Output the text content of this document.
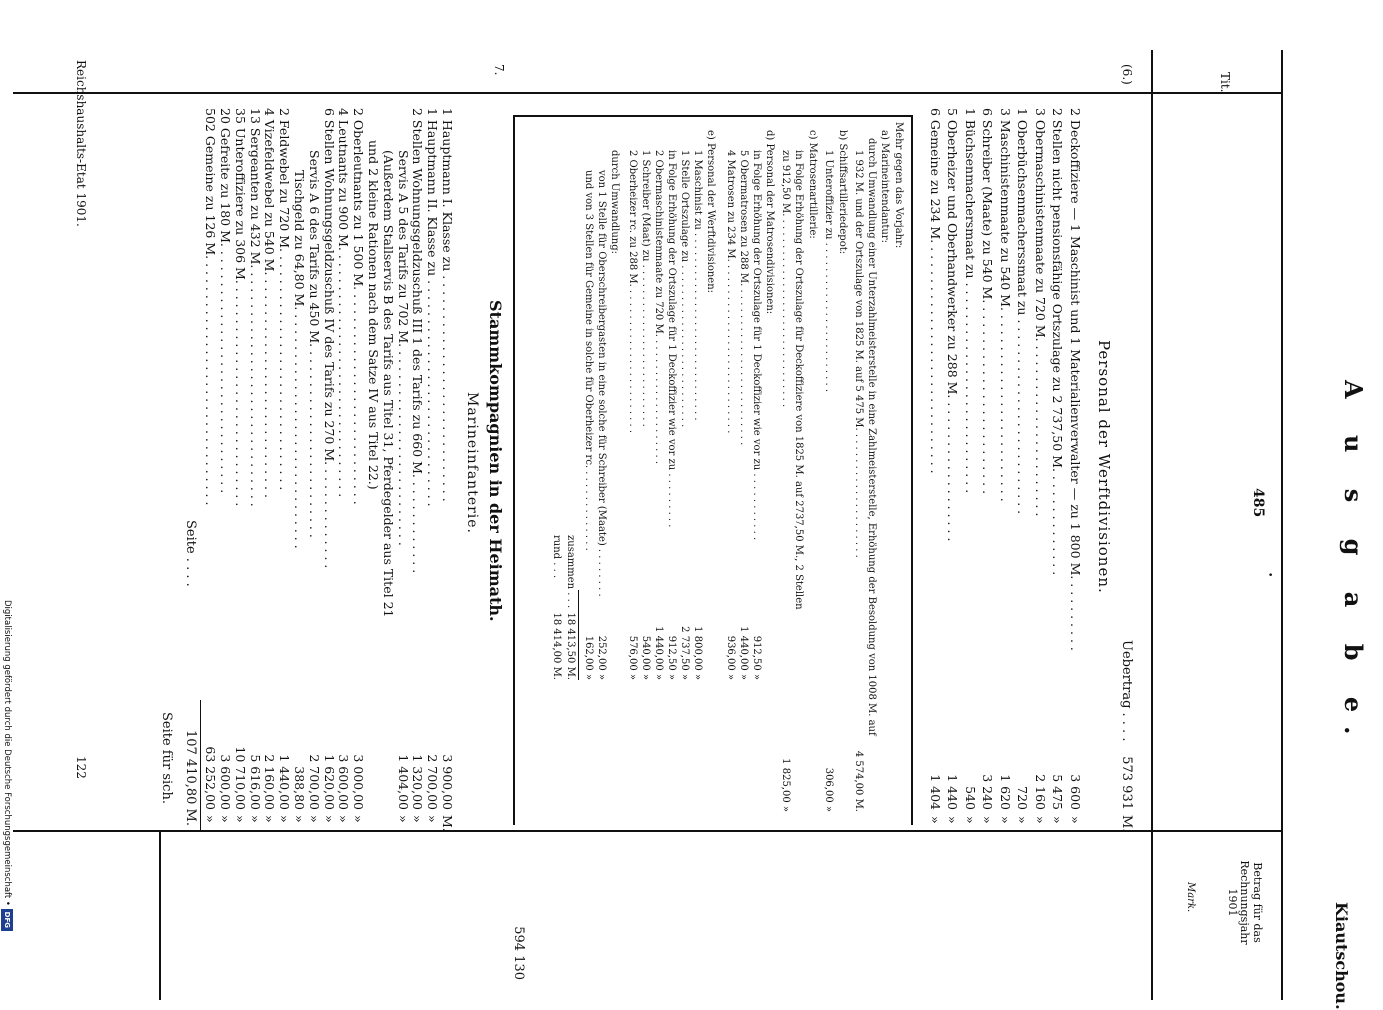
A u s g a b e.
485
•
Tit.
Kiautschou.
Betrag für das Rechnungsjahr 1901
Mark.
(6.)
Uebertrag . . . .
573 931
M.
Personal der Werftdivisionen.
2 Deckoffiziere — 1 Maschinist und 1 Materialienverwalter — zu 1 800 M. . . . . . . . . .
3 600
»
2 Stellen nicht pensionsfähige Ortszulage zu 2 737,50 M. . . . . . . . . . . . . .
5 475
»
3 Obermaschinistenmaate zu 720 M. . . . . . . . . . . . . . . . . . . . . . .
2 160
»
1 Oberbüchsenmacherssmaat zu . . . . . . . . . . . . . . . . . . . . . . . . .
720
»
3 Maschinistenmaate zu 540 M. . . . . . . . . . . . . . . . . . . . . . . . .
1 620
»
6 Schreiber (Maate) zu 540 M. . . . . . . . . . . . . . . . . . . . . . . . .
3 240
»
1 Büchsenmachersmaat zu . . . . . . . . . . . . . . . . . . . . . . . . . . .
540
»
5 Oberheizer und Oberhandwerker zu 288 M. . . . . . . . . . . . . . . . . . .
1 440
»
6 Gemeine zu 234 M. . . . . . . . . . . . . . . . . . . . . . . . . . . . . .
1 404
»
Mehr gegen das Vorjahr:
a) Marineintendantur:
durch Umwandlung einer Unterzahlmeisterstelle in eine Zahlmeisterstelle, Erhöhung der Besoldung von 1008 M. auf
1 932 M. und der Ortszulage von 1825 M. auf 5 475 M. . . . . . . . . . . . . . . . . . . . .
4 574,00 M.
b) Schiffsartilleriedepot:
1 Unteroffizier zu . . . . . . . . . . . . . . . . . . . . . . . .
306,00 »
c) Matrosenartillerie:
in Folge Erhöhung der Ortszulage für Deckoffiziere von 1825 M. auf 2737,50 M., 2 Stellen
zu 912,50 M. . . . . . . . . . . . . . . . . . . . . . . . . . . . . . .
1 825,00 »
d) Personal der Matrosendivisionen:
in Folge Erhöhung der Ortszulage für 1 Deckoffizier wie vor zu . . . . . . . . . . .
912,50 »
5 Obermatrosen zu 288 M. . . . . . . . . . . . . . . . . . . . . . . . . .
1 440,00 »
4 Matrosen zu 234 M. . . . . . . . . . . . . . . . . . . . . . . . . . . .
936,00 »
e) Personal der Werftdivisionen:
1 Maschinist zu . . . . . . . . . . . . . . . . . . . . . . . . . . . . . .
1 800,00 »
1 Stelle Ortszulage zu . . . . . . . . . . . . . . . . . . . . . . . . . .
2 737,50 »
in Folge Erhöhung der Ortszulage für 1 Deckoffizier wie vor zu . . . . . . . . .
912,50 »
2 Obermaschinistenmaate zu 720 M. . . . . . . . . . . . . . . . . . . . .
1 440,00 »
1 Schreiber (Maat) zu . . . . . . . . . . . . . . . . . . . . . . . . . .
540,00 »
2 Oberheizer rc. zu 288 M. . . . . . . . . . . . . . . . . . . . . . . .
576,00 »
durch Umwandlung:
von 1 Stelle für Oberschreibergasten in eine solche für Schreiber (Maate) . . . . . . . .
252,00 »
und von 3 Stellen für Gemeine in solche für Oberheizer rc. . . . . . . . . . . . . .
162,00 »
zusammen . . .
18 413,50 M.
rund . . .
18 414,00 M.
594 130
7.
Stammkompagnien in der Heimath.
Marineinfanterie.
1 Hauptmann I. Klasse zu . . . . . . . . . . . . . . . . . . . . . . . . . . . . .
3 900,00
M.
1 Hauptmann II. Klasse zu . . . . . . . . . . . . . . . . . . . . . . . . . . . . .
2 700,00
»
2 Stellen Wohnungsgeldzuschuß III 1 des Tarifs zu 660 M. . . . . . . . . . . . .
1 320,00
»
Servis A 5 des Tarifs zu 702 M. . . . . . . . . . . . . . . . . . . . . . . . . .
1 404,00
»
(Außerdem Stallservis B des Tarifs aus Titel 31, Pferdegelder aus Titel 21
und 2 kleine Rationen nach dem Satze IV aus Titel 22.)
2 Oberleutnants zu 1 500 M. . . . . . . . . . . . . . . . . . . . . . . . . . . .
3 000,00
»
4 Leutnants zu 900 M. . . . . . . . . . . . . . . . . . . . . . . . . . . . . . . .
3 600,00
»
6 Stellen Wohnungsgeldzuschuß IV des Tarifs zu 270 M. . . . . . . . . . . . . .
1 620,00
»
Servis A 6 des Tarifs zu 450 M. . . . . . . . . . . . . . . . . . . . . . . . .
2 700,00
»
Tischgeld zu 64,80 M. . . . . . . . . . . . . . . . . . . . . . . . . . . . . . .
388,80
»
2 Feldwebel zu 720 M. . . . . . . . . . . . . . . . . . . . . . . . . . . . . . .
1 440,00
»
4 Vizefeldwebel zu 540 M. . . . . . . . . . . . . . . . . . . . . . . . . . . . .
2 160,00
»
13 Sergeanten zu 432 M. . . . . . . . . . . . . . . . . . . . . . . . . . . . . . .
5 616,00
»
35 Unteroffiziere zu 306 M. . . . . . . . . . . . . . . . . . . . . . . . . . . . .
10 710,00
»
20 Gefreite zu 180 M. . . . . . . . . . . . . . . . . . . . . . . . . . . . . . . .
3 600,00
»
502 Gemeine zu 126 M. . . . . . . . . . . . . . . . . . . . . . . . . . . . . . . .
63 252,00
»
Seite . . . .
107 410,80 M.
Seite für sich.
Reichshaushalts-Etat 1901.
122
Digitalisierung gefördert durch die Deutsche Forschungsgemeinschaft • DFG
